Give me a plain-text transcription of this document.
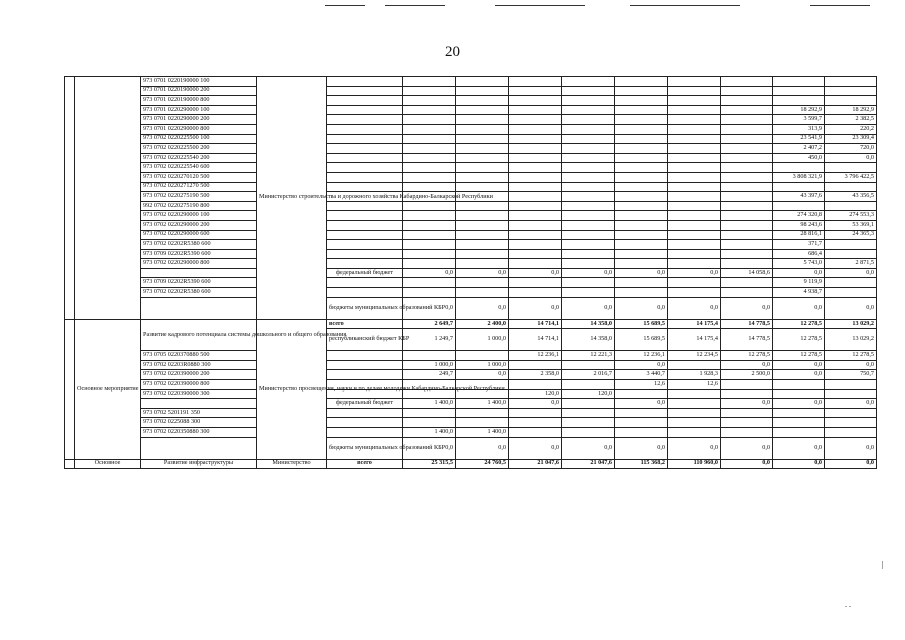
20
		973 0701 0220190000 100	Министерство строительства и дорожного хозяйства Кабардино-Балкарской Республики										
		973 0701 0220190000 200											
		973 0701 0220190000 800											
		973 0701 0220290000 100										18 292,9	18 292,9
		973 0701 0220290000 200										3 599,7	2 382,5
		973 0701 0220290000 800										313,9	220,2
		973 0702 0220225500 100										23 541,9	23 309,4
		973 0702 0220225500 200										2 407,2	720,0
		973 0702 0220225540 200										450,0	0,0
		973 0702 0220225540 600											
		973 0702 0220270120 500										3 808 321,9	3 796 422,5
		973 0702 0220271270 500											
		973 0702 0220275190 500										43 397,6	43 356,5
		992 0702 0220275190 800											
		973 0702 0220290000 100										274 320,8	274 553,3
		973 0702 0220290000 200										98 243,6	53 369,1
		973 0702 0220290000 600										28 816,1	24 365,3
		973 0702 02202R5380 600										371,7	
		973 0709 02202R5390 600										686,4	
		973 0702 0220290000 800										5 743,0	2 871,5
				федеральный бюджет	0,0	0,0	0,0	0,0	0,0	0,0	14 058,6	0,0	0,0
		973 0709 02202R5390 600										9 119,9	
		973 0702 02202R5380 600										4 938,7	
				бюджеты муниципальных образований КБР	0,0	0,0	0,0	0,0	0,0	0,0	0,0	0,0	0,0
	Основное мероприятие	Развитие кадрового потенциала системы дошкольного и общего образования	Министерство просвещения, науки и по делам молодежи Кабардино-Балкарской Республики	всего	2 649,7	2 400,0	14 714,1	14 358,0	15 689,5	14 175,4	14 778,5	12 278,5	13 029,2
				республиканский бюджет КБР	1 249,7	1 000,0	14 714,1	14 358,0	15 689,5	14 175,4	14 778,5	12 278,5	13 029,2
		973 0705 0220370880 500					12 236,1	12 221,3	12 236,1	12 234,5	12 278,5	12 278,5	12 278,5
		973 0702 02203R0880 300			1 000,0	1 000,0			0,0		0,0	0,0	0,0
		973 0702 0220390000 200			249,7	0,0	2 358,0	2 016,7	3 440,7	1 928,3	2 500,0	0,0	750,7
		973 0702 0220390000 800							12,6	12,6			
		973 0702 0220390000 300					120,0	120,0					
				федеральный бюджет	1 400,0	1 400,0	0,0		0,0		0,0	0,0	0,0
		973 0702 5201191 350											
		973 0702 0225088 300											
		973 0702 0220350880 300			1 400,0	1 400,0							
				бюджеты муниципальных образований КБР	0,0	0,0	0,0	0,0	0,0	0,0	0,0	0,0	0,0
	Основное	Развитие инфраструктуры	Министерство	всего	25 315,5	24 760,5	21 047,6	21 047,6	115 368,2	110 960,0	0,0	0,0	0,0
. .
|
